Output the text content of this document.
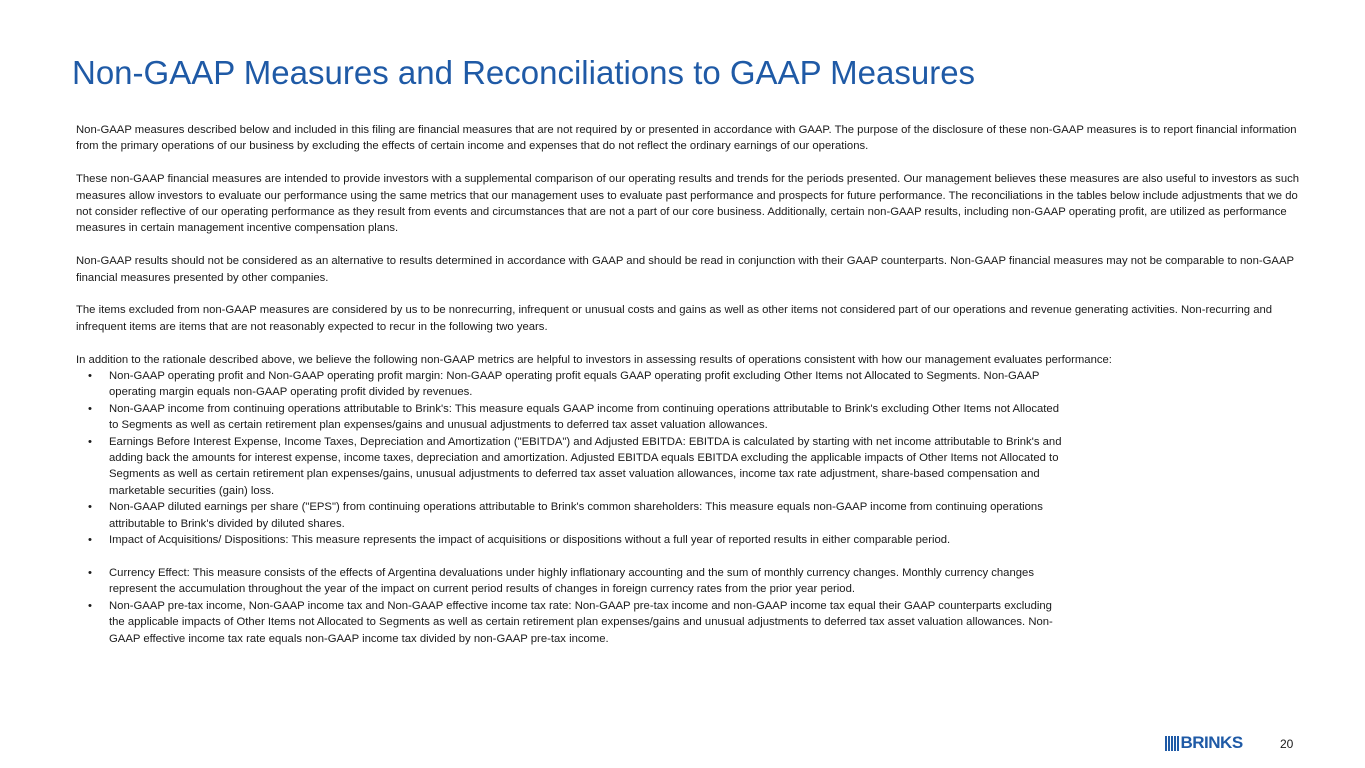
Non-GAAP Measures and Reconciliations to GAAP Measures

Non-GAAP measures described below and included in this filing are financial measures that are not required by or presented in accordance with GAAP. The purpose of the disclosure of these non-GAAP measures is to report financial information from the primary operations of our business by excluding the effects of certain income and expenses that do not reflect the ordinary earnings of our operations.

These non-GAAP financial measures are intended to provide investors with a supplemental comparison of our operating results and trends for the periods presented. Our management believes these measures are also useful to investors as such measures allow investors to evaluate our performance using the same metrics that our management uses to evaluate past performance and prospects for future performance. The reconciliations in the tables below include adjustments that we do not consider reflective of our operating performance as they result from events and circumstances that are not a part of our core business. Additionally, certain non-GAAP results, including non-GAAP operating profit, are utilized as performance measures in certain management incentive compensation plans.

Non-GAAP results should not be considered as an alternative to results determined in accordance with GAAP and should be read in conjunction with their GAAP counterparts. Non-GAAP financial measures may not be comparable to non-GAAP financial measures presented by other companies.

The items excluded from non-GAAP measures are considered by us to be nonrecurring, infrequent or unusual costs and gains as well as other items not considered part of our operations and revenue generating activities. Non-recurring and infrequent items are items that are not reasonably expected to recur in the following two years.

In addition to the rationale described above, we believe the following non-GAAP metrics are helpful to investors in assessing results of operations consistent with how our management evaluates performance:

• Non-GAAP operating profit and Non-GAAP operating profit margin: Non-GAAP operating profit equals GAAP operating profit excluding Other Items not Allocated to Segments. Non-GAAP operating margin equals non-GAAP operating profit divided by revenues.
• Non-GAAP income from continuing operations attributable to Brink's: This measure equals GAAP income from continuing operations attributable to Brink's excluding Other Items not Allocated to Segments as well as certain retirement plan expenses/gains and unusual adjustments to deferred tax asset valuation allowances.
• Earnings Before Interest Expense, Income Taxes, Depreciation and Amortization ("EBITDA") and Adjusted EBITDA: EBITDA is calculated by starting with net income attributable to Brink's and adding back the amounts for interest expense, income taxes, depreciation and amortization. Adjusted EBITDA equals EBITDA excluding the applicable impacts of Other Items not Allocated to Segments as well as certain retirement plan expenses/gains, unusual adjustments to deferred tax asset valuation allowances, income tax rate adjustment, share-based compensation and marketable securities (gain) loss.
• Non-GAAP diluted earnings per share ("EPS") from continuing operations attributable to Brink's common shareholders: This measure equals non-GAAP income from continuing operations attributable to Brink's divided by diluted shares.
• Impact of Acquisitions/ Dispositions: This measure represents the impact of acquisitions or dispositions without a full year of reported results in either comparable period.
• Currency Effect: This measure consists of the effects of Argentina devaluations under highly inflationary accounting and the sum of monthly currency changes. Monthly currency changes represent the accumulation throughout the year of the impact on current period results of changes in foreign currency rates from the prior year period.
• Non-GAAP pre-tax income, Non-GAAP income tax and Non-GAAP effective income tax rate: Non-GAAP pre-tax income and non-GAAP income tax equal their GAAP counterparts excluding the applicable impacts of Other Items not Allocated to Segments as well as certain retirement plan expenses/gains and unusual adjustments to deferred tax asset valuation allowances. Non-GAAP effective income tax rate equals non-GAAP income tax divided by non-GAAP pre-tax income.
BRINKS	20
